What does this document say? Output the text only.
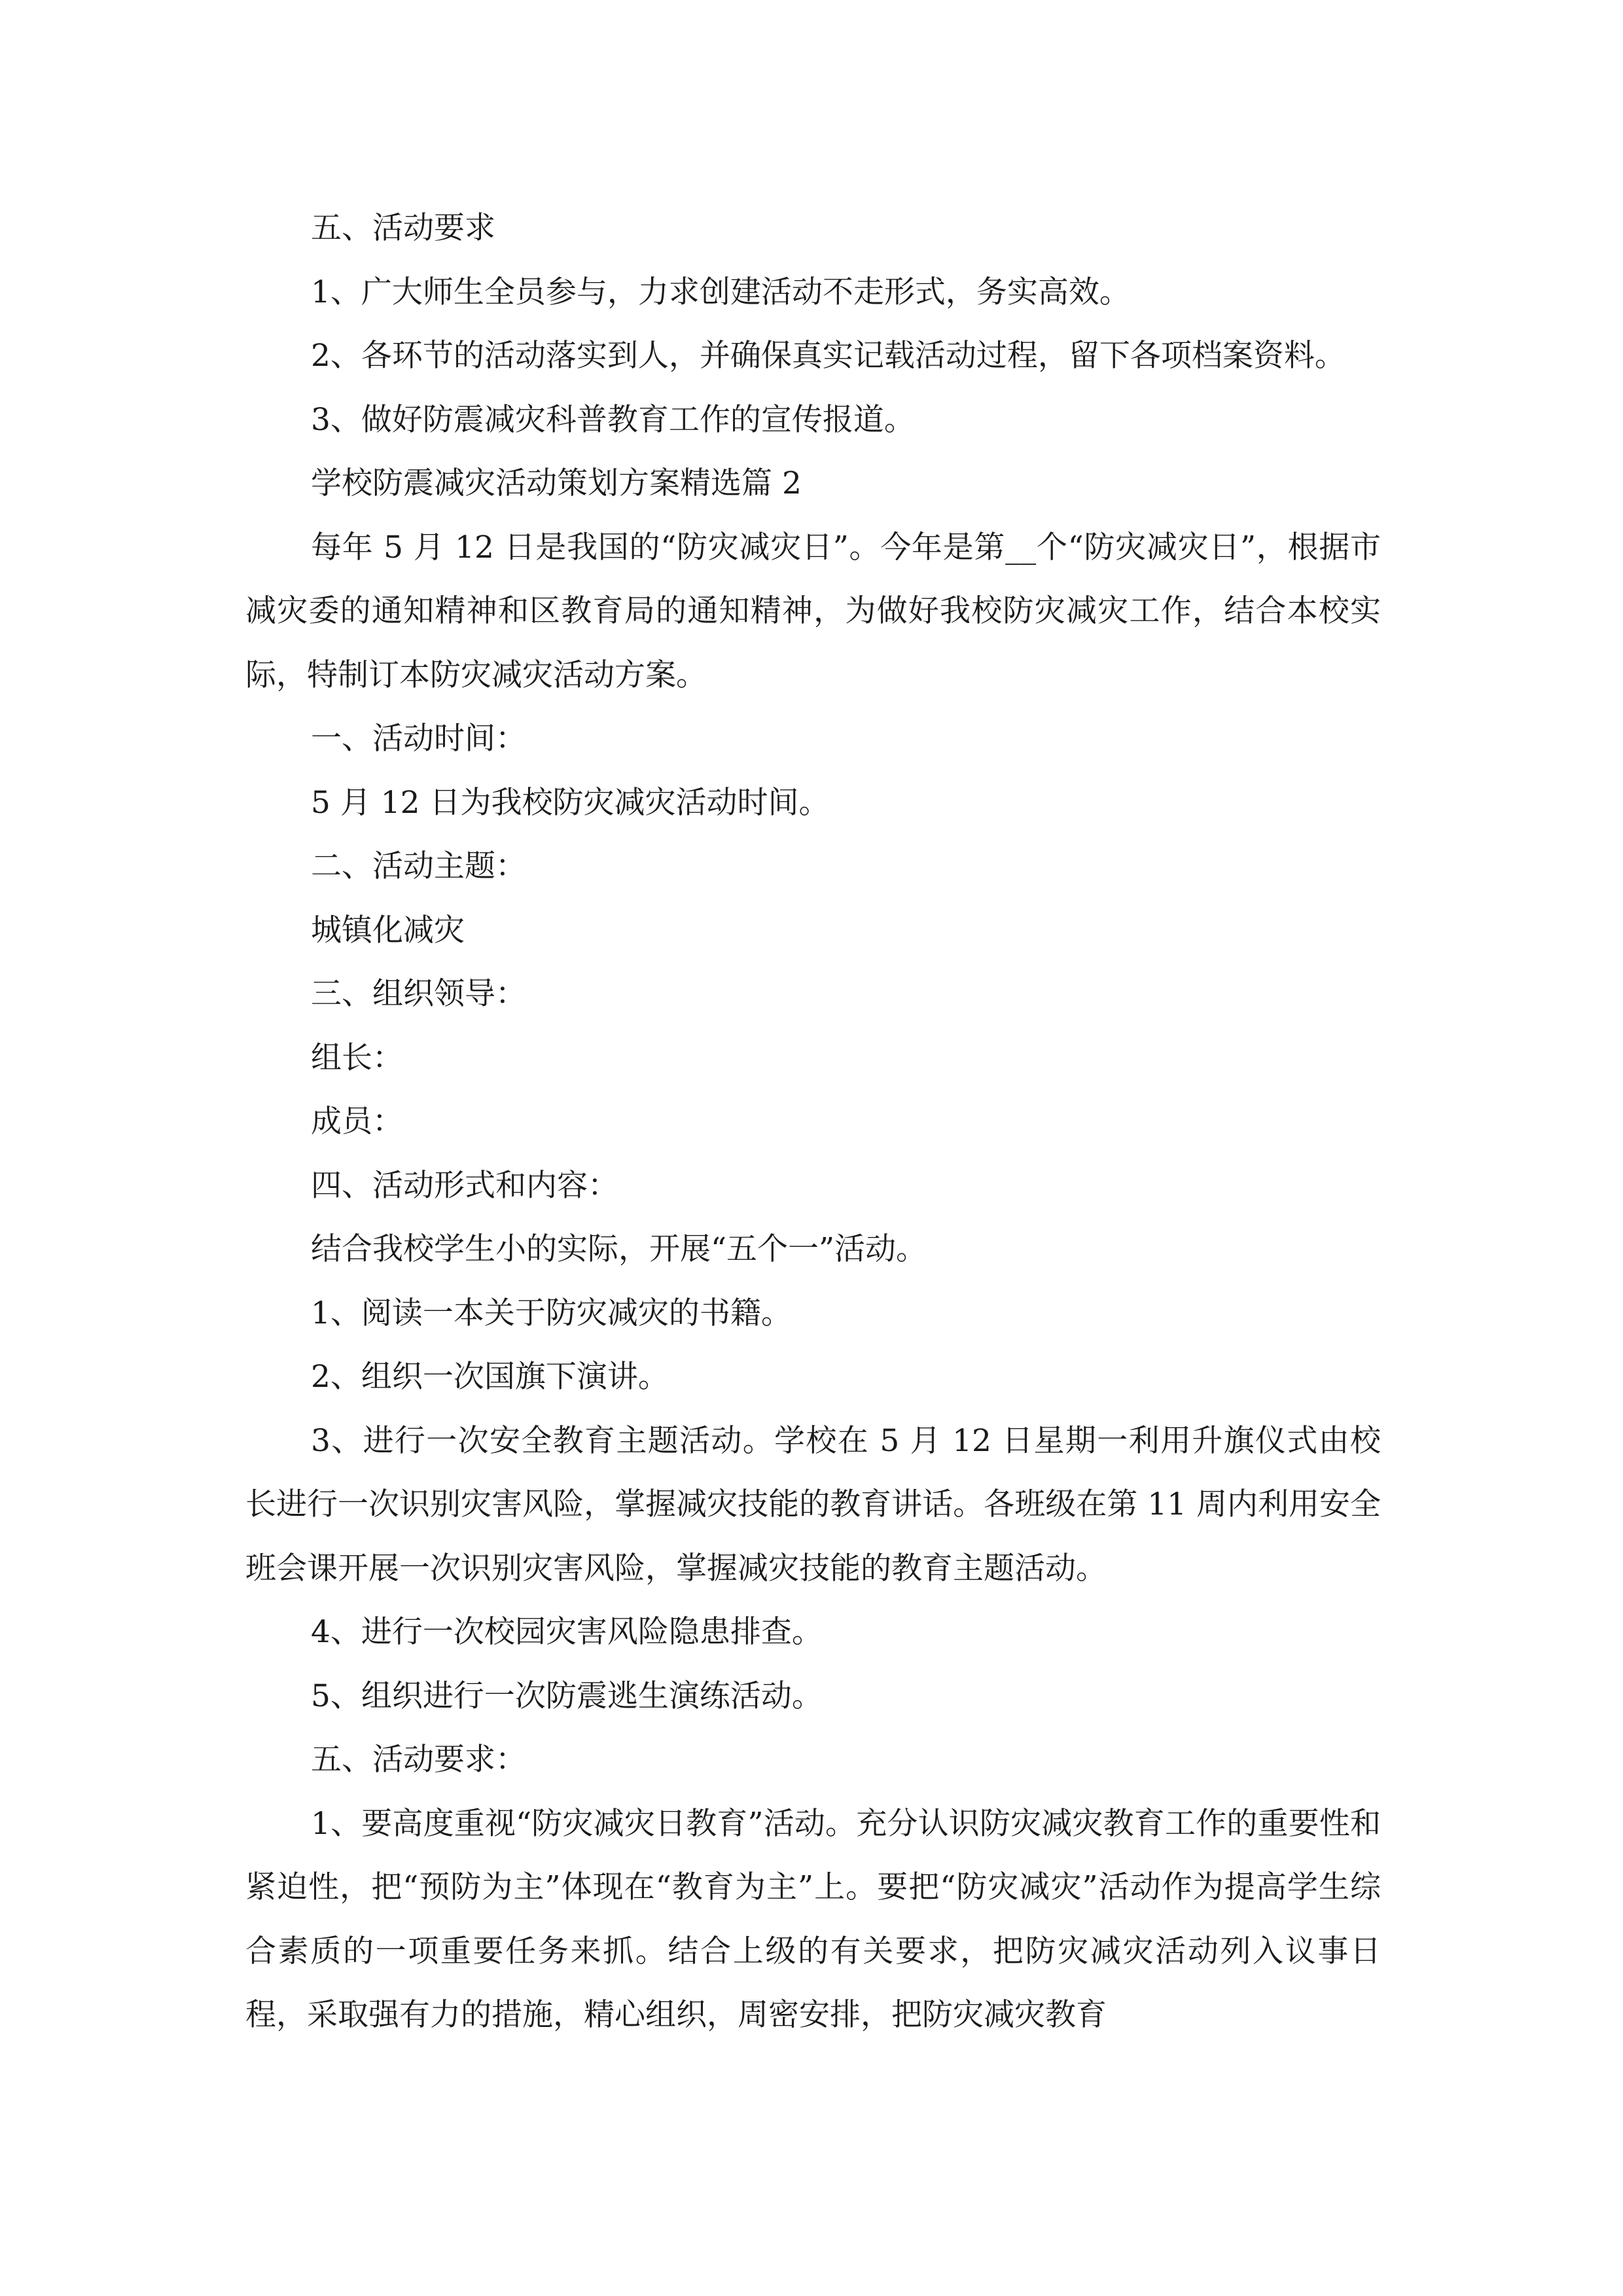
五、活动要求

1、广大师生全员参与，力求创建活动不走形式，务实高效。

2、各环节的活动落实到人，并确保真实记载活动过程，留下各项档案资料。

3、做好防震减灾科普教育工作的宣传报道。

学校防震减灾活动策划方案精选篇 2

每年 5 月 12 日是我国的“防灾减灾日”。今年是第__个“防灾减灾日”，根据市减灾委的通知精神和区教育局的通知精神，为做好我校防灾减灾工作，结合本校实际，特制订本防灾减灾活动方案。

一、活动时间：

5 月 12 日为我校防灾减灾活动时间。

二、活动主题：

城镇化减灾

三、组织领导：

组长：

成员：

四、活动形式和内容：

结合我校学生小的实际，开展“五个一”活动。

1、阅读一本关于防灾减灾的书籍。

2、组织一次国旗下演讲。

3、进行一次安全教育主题活动。学校在 5 月 12 日星期一利用升旗仪式由校长进行一次识别灾害风险，掌握减灾技能的教育讲话。各班级在第 11 周内利用安全班会课开展一次识别灾害风险，掌握减灾技能的教育主题活动。

4、进行一次校园灾害风险隐患排查。

5、组织进行一次防震逃生演练活动。

五、活动要求：

1、要高度重视“防灾减灾日教育”活动。充分认识防灾减灾教育工作的重要性和紧迫性，把“预防为主”体现在“教育为主”上。要把“防灾减灾”活动作为提高学生综合素质的一项重要任务来抓。结合上级的有关要求，把防灾减灾活动列入议事日程，采取强有力的措施，精心组织，周密安排，把防灾减灾教育
